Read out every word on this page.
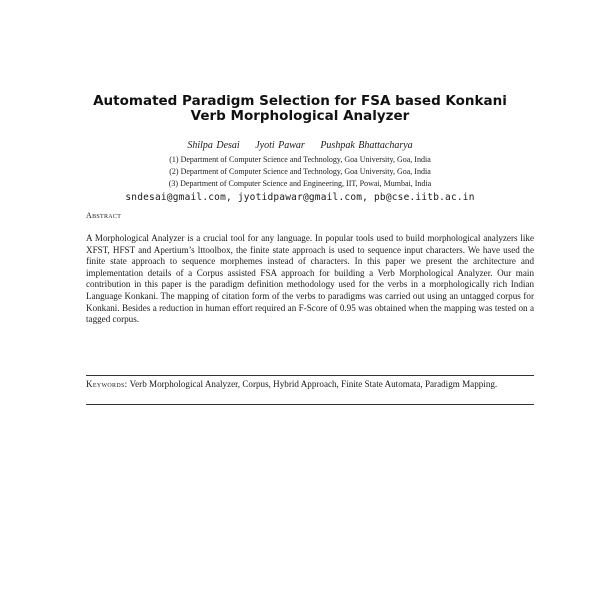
Automated Paradigm Selection for FSA based Konkani Verb Morphological Analyzer
Shilpa Desai Jyoti Pawar Pushpak Bhattacharya
(1) Department of Computer Science and Technology, Goa University, Goa, India
(2) Department of Computer Science and Technology, Goa University, Goa, India
(3) Department of Computer Science and Engineering, IIT, Powai, Mumbai, India
sndesai@gmail.com, jyotidpawar@gmail.com, pb@cse.iitb.ac.in
Abstract

A Morphological Analyzer is a crucial tool for any language. In popular tools used to build morphological analyzers like XFST, HFST and Apertium’s lttoolbox, the finite state approach is used to sequence input characters. We have used the finite state approach to sequence morphemes instead of characters. In this paper we present the architecture and implementation details of a Corpus assisted FSA approach for building a Verb Morphological Analyzer. Our main contribution in this paper is the paradigm definition methodology used for the verbs in a morphologically rich Indian Language Konkani. The mapping of citation form of the verbs to paradigms was carried out using an untagged corpus for Konkani. Besides a reduction in human effort required an F-Score of 0.95 was obtained when the mapping was tested on a tagged corpus.

Keywords: Verb Morphological Analyzer, Corpus, Hybrid Approach, Finite State Automata, Paradigm Mapping.
